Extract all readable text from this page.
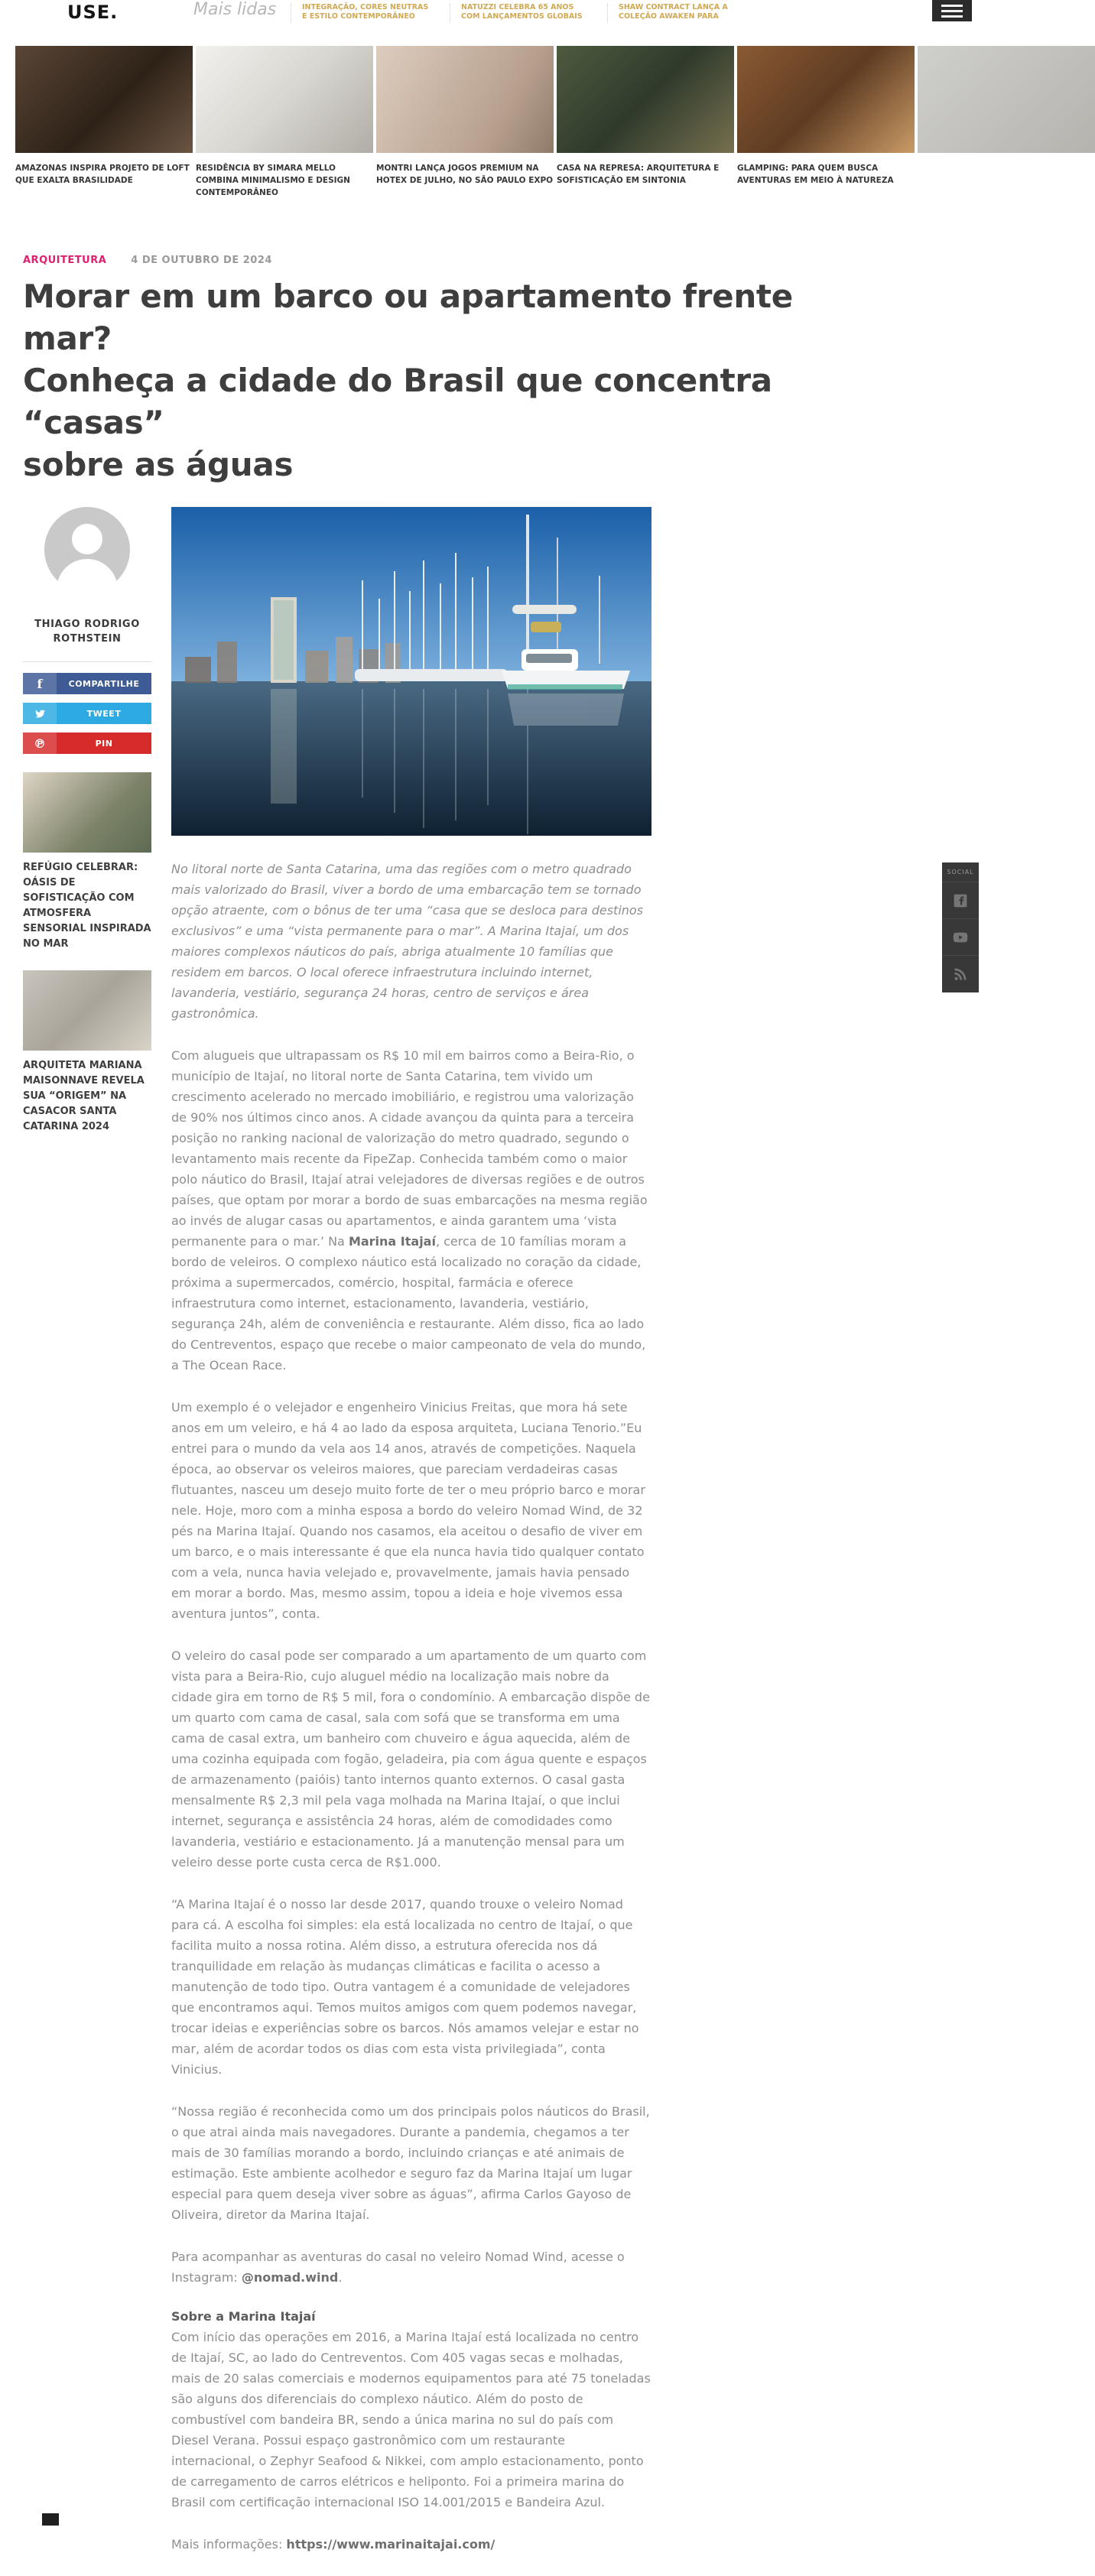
USE.	Mais lidas	INTEGRAÇÃO, CORES NEUTRAS E ESTILO CONTEMPORÂNEO
NATUZZI CELEBRA 65 ANOS COM LANÇAMENTOS GLOBAIS
SHAW CONTRACT LANÇA A COLEÇÃO AWAKEN PARA
AMAZONAS INSPIRA PROJETO DE LOFT QUE EXALTA BRASILIDADE
RESIDÊNCIA BY SIMARA MELLO COMBINA MINIMALISMO E DESIGN CONTEMPORÂNEO
MONTRI LANÇA JOGOS PREMIUM NA HOTEX DE JULHO, NO SÃO PAULO EXPO
CASA NA REPRESA: ARQUITETURA E SOFISTICAÇÃO EM SINTONIA
GLAMPING: PARA QUEM BUSCA AVENTURAS EM MEIO À NATUREZA
ARQUITETURA 4 DE OUTUBRO DE 2024
Morar em um barco ou apartamento frente mar?
Conheça a cidade do Brasil que concentra “casas”
sobre as águas
THIAGO RODRIGO ROTHSTEIN
f	COMPARTILHE
TWEET
℗	PIN
REFÚGIO CELEBRAR: OÁSIS DE SOFISTICAÇÃO COM ATMOSFERA SENSORIAL INSPIRADA NO MAR
ARQUITETA MARIANA MAISONNAVE REVELA SUA “ORIGEM” NA CASACOR SANTA CATARINA 2024

No litoral norte de Santa Catarina, uma das regiões com o metro quadrado mais valorizado do Brasil, viver a bordo de uma embarcação tem se tornado opção atraente, com o bônus de ter uma “casa que se desloca para destinos exclusivos” e uma “vista permanente para o mar”. A Marina Itajaí, um dos maiores complexos náuticos do país, abriga atualmente 10 famílias que residem em barcos. O local oferece infraestrutura incluindo internet, lavanderia, vestiário, segurança 24 horas, centro de serviços e área gastronômica.

Com alugueis que ultrapassam os R$ 10 mil em bairros como a Beira-Rio, o município de Itajaí, no litoral norte de Santa Catarina, tem vivido um crescimento acelerado no mercado imobiliário, e registrou uma valorização de 90% nos últimos cinco anos. A cidade avançou da quinta para a terceira posição no ranking nacional de valorização do metro quadrado, segundo o levantamento mais recente da FipeZap. Conhecida também como o maior polo náutico do Brasil, Itajaí atrai velejadores de diversas regiões e de outros países, que optam por morar a bordo de suas embarcações na mesma região ao invés de alugar casas ou apartamentos, e ainda garantem uma ‘vista permanente para o mar.’ Na Marina Itajaí, cerca de 10 famílias moram a bordo de veleiros. O complexo náutico está localizado no coração da cidade, próxima a supermercados, comércio, hospital, farmácia e oferece infraestrutura como internet, estacionamento, lavanderia, vestiário, segurança 24h, além de conveniência e restaurante. Além disso, fica ao lado do Centreventos, espaço que recebe o maior campeonato de vela do mundo, a The Ocean Race.

Um exemplo é o velejador e engenheiro Vinicius Freitas, que mora há sete anos em um veleiro, e há 4 ao lado da esposa arquiteta, Luciana Tenorio.”Eu entrei para o mundo da vela aos 14 anos, através de competições. Naquela época, ao observar os veleiros maiores, que pareciam verdadeiras casas flutuantes, nasceu um desejo muito forte de ter o meu próprio barco e morar nele. Hoje, moro com a minha esposa a bordo do veleiro Nomad Wind, de 32 pés na Marina Itajaí. Quando nos casamos, ela aceitou o desafio de viver em um barco, e o mais interessante é que ela nunca havia tido qualquer contato com a vela, nunca havia velejado e, provavelmente, jamais havia pensado em morar a bordo. Mas, mesmo assim, topou a ideia e hoje vivemos essa aventura juntos”, conta.

O veleiro do casal pode ser comparado a um apartamento de um quarto com vista para a Beira-Rio, cujo aluguel médio na localização mais nobre da cidade gira em torno de R$ 5 mil, fora o condomínio. A embarcação dispõe de um quarto com cama de casal, sala com sofá que se transforma em uma cama de casal extra, um banheiro com chuveiro e água aquecida, além de uma cozinha equipada com fogão, geladeira, pia com água quente e espaços de armazenamento (paióis) tanto internos quanto externos. O casal gasta mensalmente R$ 2,3 mil pela vaga molhada na Marina Itajaí, o que inclui internet, segurança e assistência 24 horas, além de comodidades como lavanderia, vestiário e estacionamento. Já a manutenção mensal para um veleiro desse porte custa cerca de R$1.000.

“A Marina Itajaí é o nosso lar desde 2017, quando trouxe o veleiro Nomad para cá. A escolha foi simples: ela está localizada no centro de Itajaí, o que facilita muito a nossa rotina. Além disso, a estrutura oferecida nos dá tranquilidade em relação às mudanças climáticas e facilita o acesso a manutenção de todo tipo. Outra vantagem é a comunidade de velejadores que encontramos aqui. Temos muitos amigos com quem podemos navegar, trocar ideias e experiências sobre os barcos. Nós amamos velejar e estar no mar, além de acordar todos os dias com esta vista privilegiada”, conta Vinicius.

“Nossa região é reconhecida como um dos principais polos náuticos do Brasil, o que atrai ainda mais navegadores. Durante a pandemia, chegamos a ter mais de 30 famílias morando a bordo, incluindo crianças e até animais de estimação. Este ambiente acolhedor e seguro faz da Marina Itajaí um lugar especial para quem deseja viver sobre as águas”, afirma Carlos Gayoso de Oliveira, diretor da Marina Itajaí.

Para acompanhar as aventuras do casal no veleiro Nomad Wind, acesse o Instagram: @nomad.wind.

Sobre a Marina Itajaí

Com início das operações em 2016, a Marina Itajaí está localizada no centro de Itajaí, SC, ao lado do Centreventos. Com 405 vagas secas e molhadas, mais de 20 salas comerciais e modernos equipamentos para até 75 toneladas são alguns dos diferenciais do complexo náutico. Além do posto de combustível com bandeira BR, sendo a única marina no sul do país com Diesel Verana. Possui espaço gastronômico com um restaurante internacional, o Zephyr Seafood & Nikkei, com amplo estacionamento, ponto de carregamento de carros elétricos e heliponto. Foi a primeira marina do Brasil com certificação internacional ISO 14.001/2015 e Bandeira Azul.

Mais informações: https://www.marinaitajai.com/

SOCIAL
